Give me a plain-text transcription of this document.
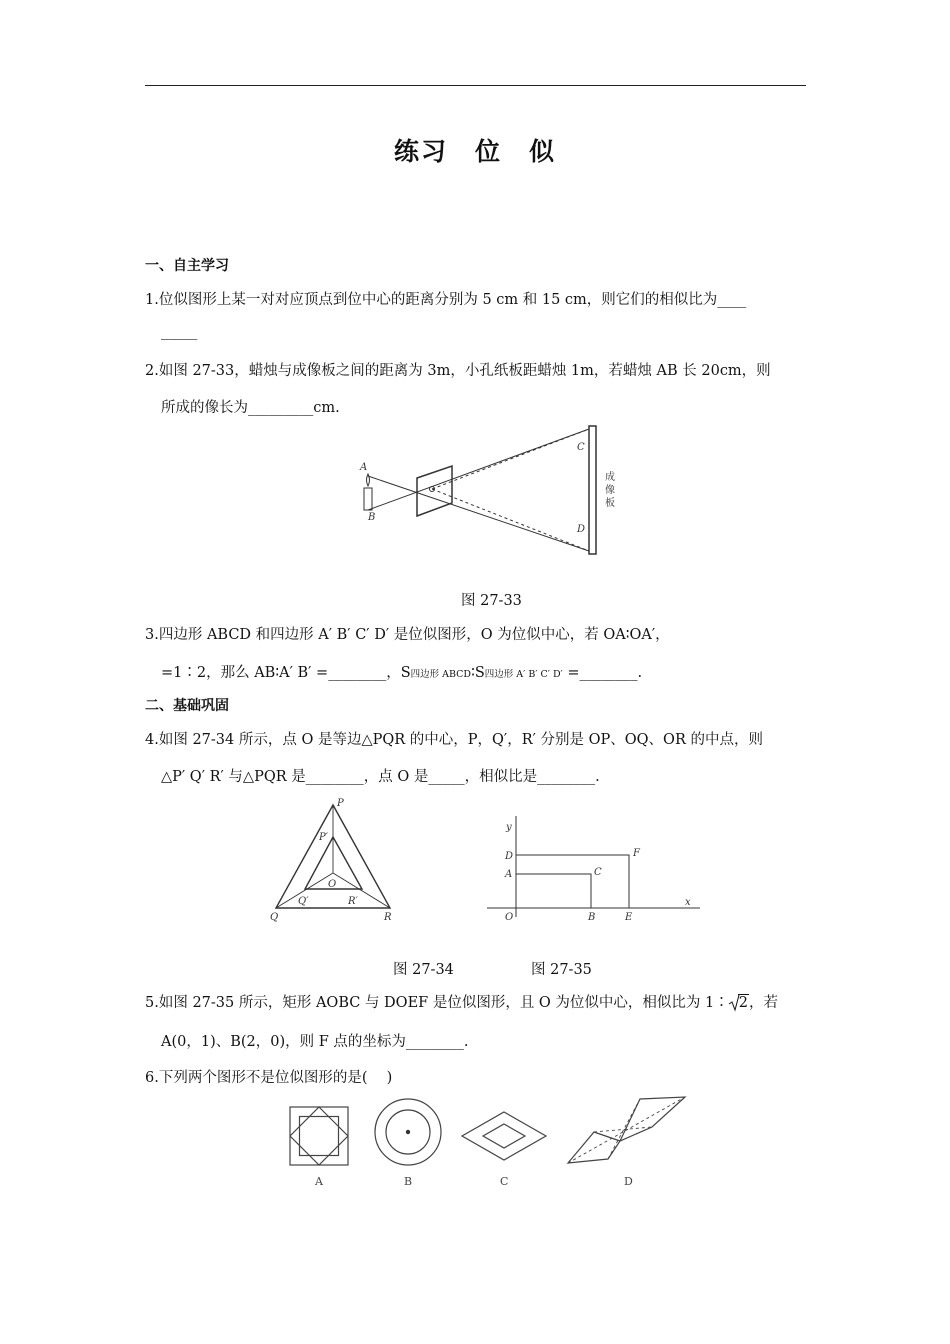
练习　位　似
一、自主学习
1.位似图形上某一对对应顶点到位中心的距离分别为 5 cm 和 15 cm，则它们的相似比为____
_____
2.如图 27-33，蜡烛与成像板之间的距离为 3m，小孔纸板距蜡烛 1m，若蜡烛 AB 长 20cm，则
所成的像长为_________cm.
A
B
C
D
成
像
板
图 27-33
3.四边形 ABCD 和四边形 A′ B′ C′ D′ 是位似图形，O 为位似中心，若 OA∶OA′，
=1∶2，那么 AB∶A′ B′ =________，S四边形 ABCD∶S四边形 A′ B′ C′ D′ =________.
二、基础巩固
4.如图 27-34 所示，点 O 是等边△PQR 的中心，P，Q′，R′ 分别是 OP、OQ、OR 的中点，则
△P′ Q′ R′ 与△PQR 是________，点 O 是_____，相似比是________.
P
P′
O
Q′	R′
Q	R
y
D	F
A	C
O	B	E
x
图 27-34	图 27-35
5.如图 27-35 所示，矩形 AOBC 与 DOEF 是位似图形，且 O 为位似中心，相似比为 1∶ 2，若
A(0，1)、B(2，0)，则 F 点的坐标为________.
6.下列两个图形不是位似图形的是(　 )
A	B	C	D
